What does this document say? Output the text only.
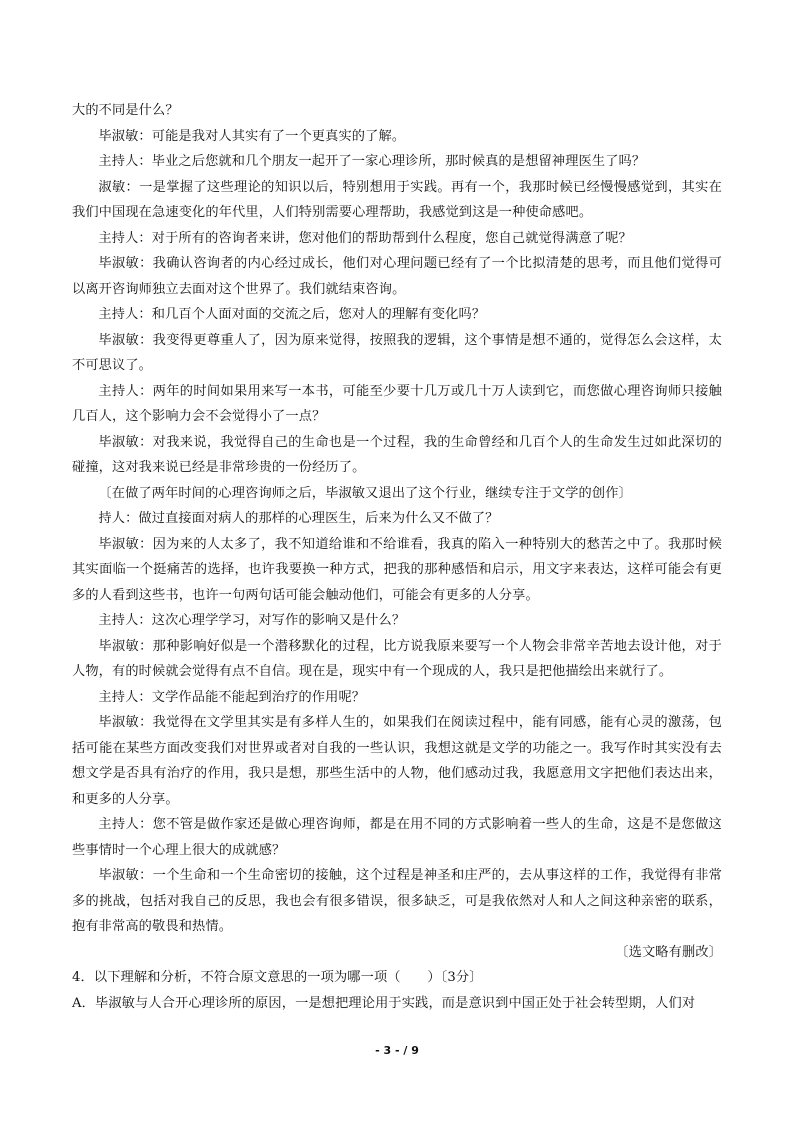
大的不同是什么？

毕淑敏：可能是我对人其实有了一个更真实的了解。

主持人：毕业之后您就和几个朋友一起开了一家心理诊所，那时候真的是想留神理医生了吗？

淑敏：一是掌握了这些理论的知识以后，特别想用于实践。再有一个，我那时候已经慢慢感觉到，其实在我们中国现在急速变化的年代里，人们特别需要心理帮助，我感觉到这是一种使命感吧。

主持人：对于所有的咨询者来讲，您对他们的帮助帮到什么程度，您自己就觉得满意了呢？

毕淑敏：我确认咨询者的内心经过成长，他们对心理问题已经有了一个比拟清楚的思考，而且他们觉得可以离开咨询师独立去面对这个世界了。我们就结束咨询。

主持人：和几百个人面对面的交流之后，您对人的理解有变化吗？

毕淑敏：我变得更尊重人了，因为原来觉得，按照我的逻辑，这个事情是想不通的，觉得怎么会这样，太不可思议了。

主持人：两年的时间如果用来写一本书，可能至少要十几万或几十万人读到它，而您做心理咨询师只接触几百人，这个影响力会不会觉得小了一点？

毕淑敏：对我来说，我觉得自己的生命也是一个过程，我的生命曾经和几百个人的生命发生过如此深切的碰撞，这对我来说已经是非常珍贵的一份经历了。

〔在做了两年时间的心理咨询师之后，毕淑敏又退出了这个行业，继续专注于文学的创作〕

持人：做过直接面对病人的那样的心理医生，后来为什么又不做了？

毕淑敏：因为来的人太多了，我不知道给谁和不给谁看，我真的陷入一种特别大的愁苦之中了。我那时候其实面临一个挺痛苦的选择，也许我要换一种方式，把我的那种感悟和启示，用文字来表达，这样可能会有更多的人看到这些书，也许一句两句话可能会触动他们，可能会有更多的人分享。

主持人：这次心理学学习，对写作的影响又是什么？

毕淑敏：那种影响好似是一个潜移默化的过程，比方说我原来要写一个人物会非常辛苦地去设计他，对于人物，有的时候就会觉得有点不自信。现在是，现实中有一个现成的人，我只是把他描绘出来就行了。

主持人：文学作品能不能起到治疗的作用呢？

毕淑敏：我觉得在文学里其实是有多样人生的，如果我们在阅读过程中，能有同感，能有心灵的激荡，包括可能在某些方面改变我们对世界或者对自我的一些认识，我想这就是文学的功能之一。我写作时其实没有去想文学是否具有治疗的作用，我只是想，那些生活中的人物，他们感动过我，我愿意用文字把他们表达出来，和更多的人分享。

主持人：您不管是做作家还是做心理咨询师，都是在用不同的方式影响着一些人的生命，这是不是您做这些事情时一个心理上很大的成就感？

毕淑敏：一个生命和一个生命密切的接触，这个过程是神圣和庄严的，去从事这样的工作，我觉得有非常多的挑战，包括对我自己的反思，我也会有很多错误，很多缺乏，可是我依然对人和人之间这种亲密的联系，抱有非常高的敬畏和热情。

〔选文略有删改〕

4．以下理解和分析，不符合原文意思的一项为哪一项（　　）〔3分〕

A．毕淑敏与人合开心理诊所的原因，一是想把理论用于实践，而是意识到中国正处于社会转型期，人们对

- 3 - / 9
